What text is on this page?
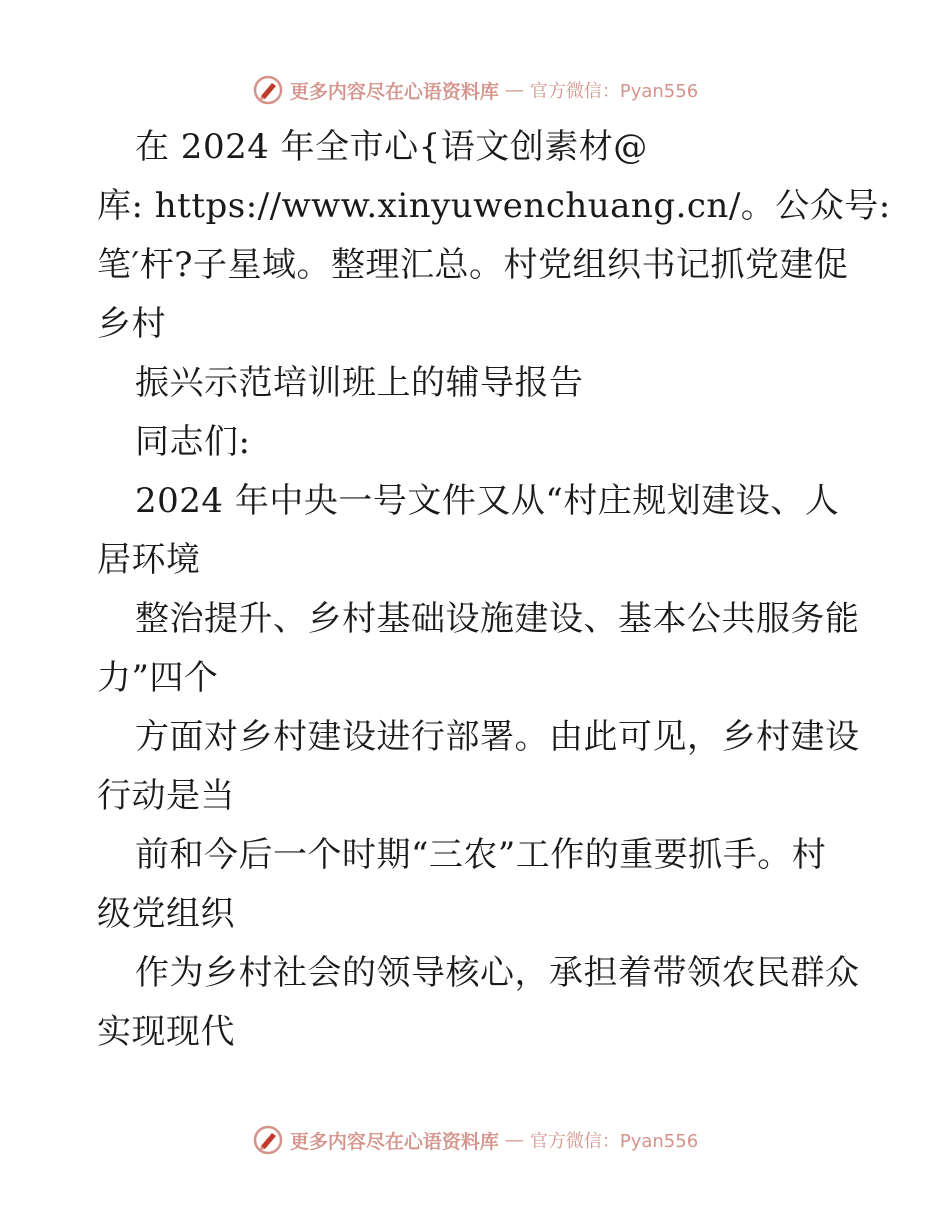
更多内容尽在心语资料库 — 官方微信：Pyan556
在 2024 年全市心{语文创素材@
库: https://www.xinyuwenchuang.cn/。公众号:
笔′杆?子星域。整理汇总。村党组织书记抓党建促
乡村
振兴示范培训班上的辅导报告
同志们:
2024 年中央一号文件又从“村庄规划建设、人
居环境
整治提升、乡村基础设施建设、基本公共服务能
力”四个
方面对乡村建设进行部署。由此可见，乡村建设
行动是当
前和今后一个时期“三农”工作的重要抓手。村
级党组织
作为乡村社会的领导核心，承担着带领农民群众
实现现代
更多内容尽在心语资料库 — 官方微信：Pyan556
